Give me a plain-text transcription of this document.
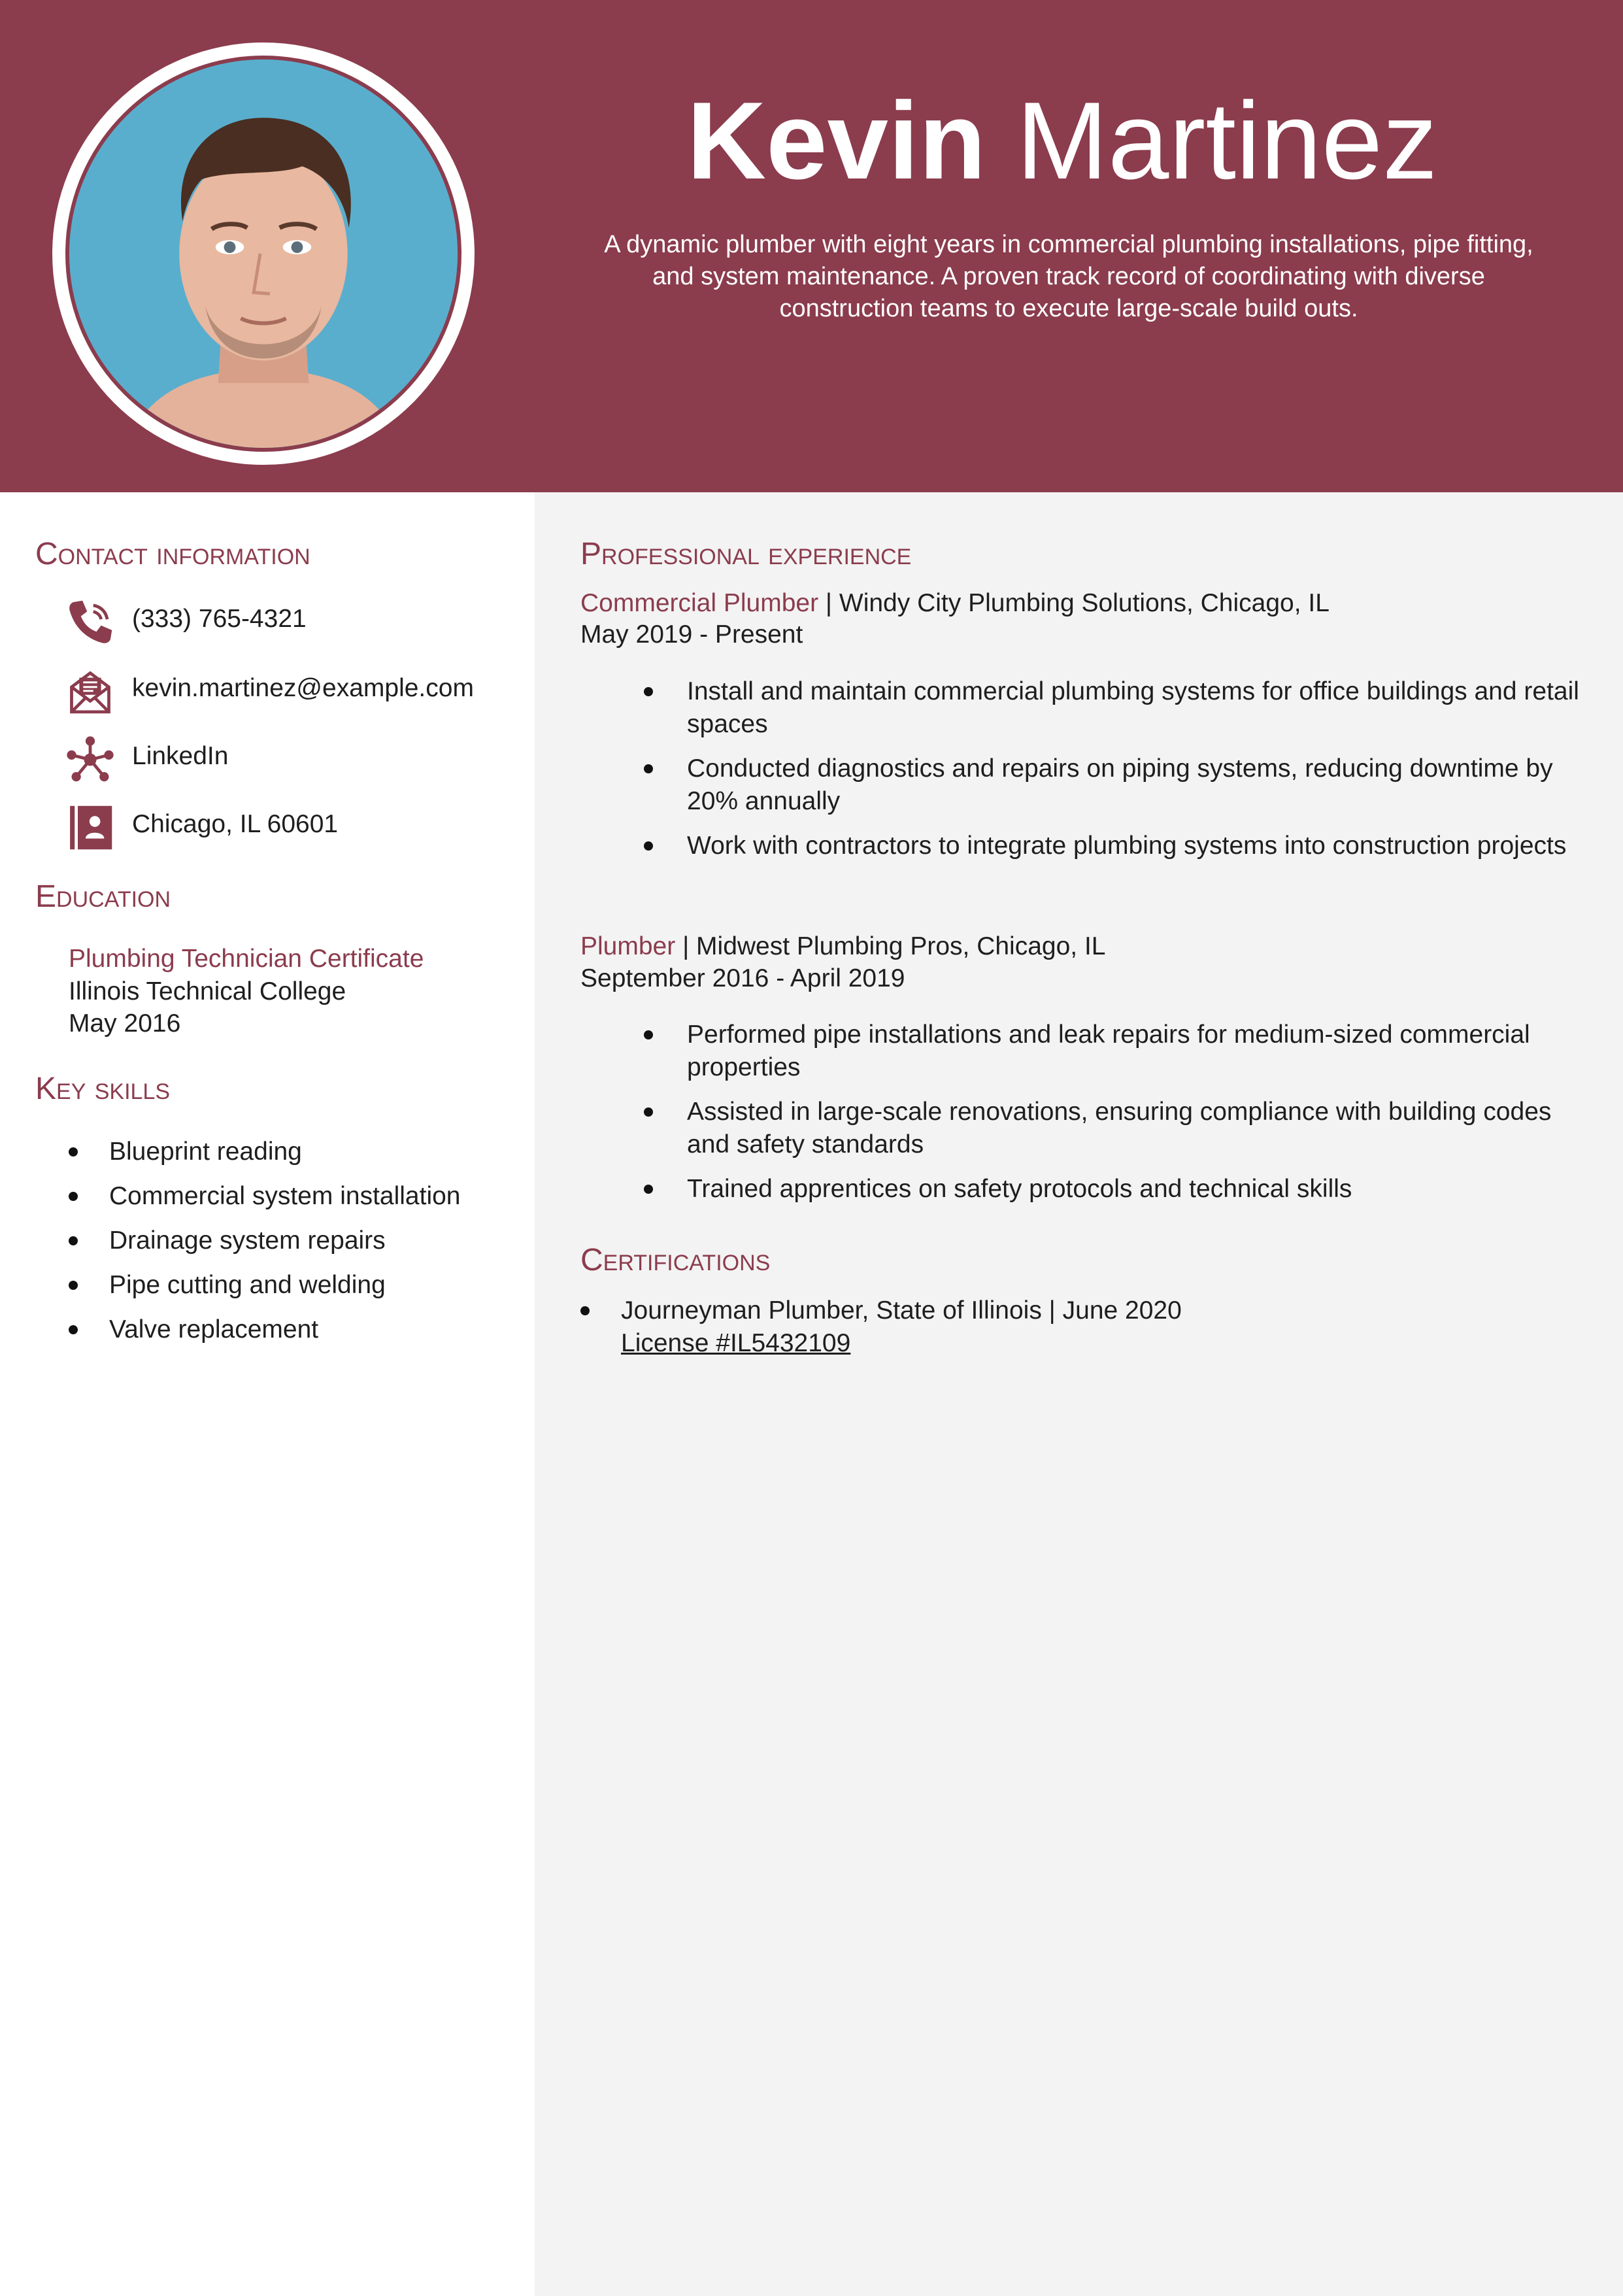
Kevin Martinez
A dynamic plumber with eight years in commercial plumbing installations, pipe fitting, and system maintenance. A proven track record of coordinating with diverse construction teams to execute large-scale build outs.
Contact information
(333) 765-4321
kevin.martinez@example.com
LinkedIn
Chicago, IL 60601
Education
Plumbing Technician Certificate
Illinois Technical College
May 2016
Key skills
Blueprint reading
Commercial system installation
Drainage system repairs
Pipe cutting and welding
Valve replacement
Professional experience
Commercial Plumber | Windy City Plumbing Solutions, Chicago, IL
May 2019 - Present
Install and maintain commercial plumbing systems for office buildings and retail spaces
Conducted diagnostics and repairs on piping systems, reducing downtime by 20% annually
Work with contractors to integrate plumbing systems into construction projects
Plumber | Midwest Plumbing Pros, Chicago, IL
September 2016 - April 2019
Performed pipe installations and leak repairs for medium-sized commercial properties
Assisted in large-scale renovations, ensuring compliance with building codes and safety standards
Trained apprentices on safety protocols and technical skills
Certifications
Journeyman Plumber, State of Illinois | June 2020
License #IL5432109
